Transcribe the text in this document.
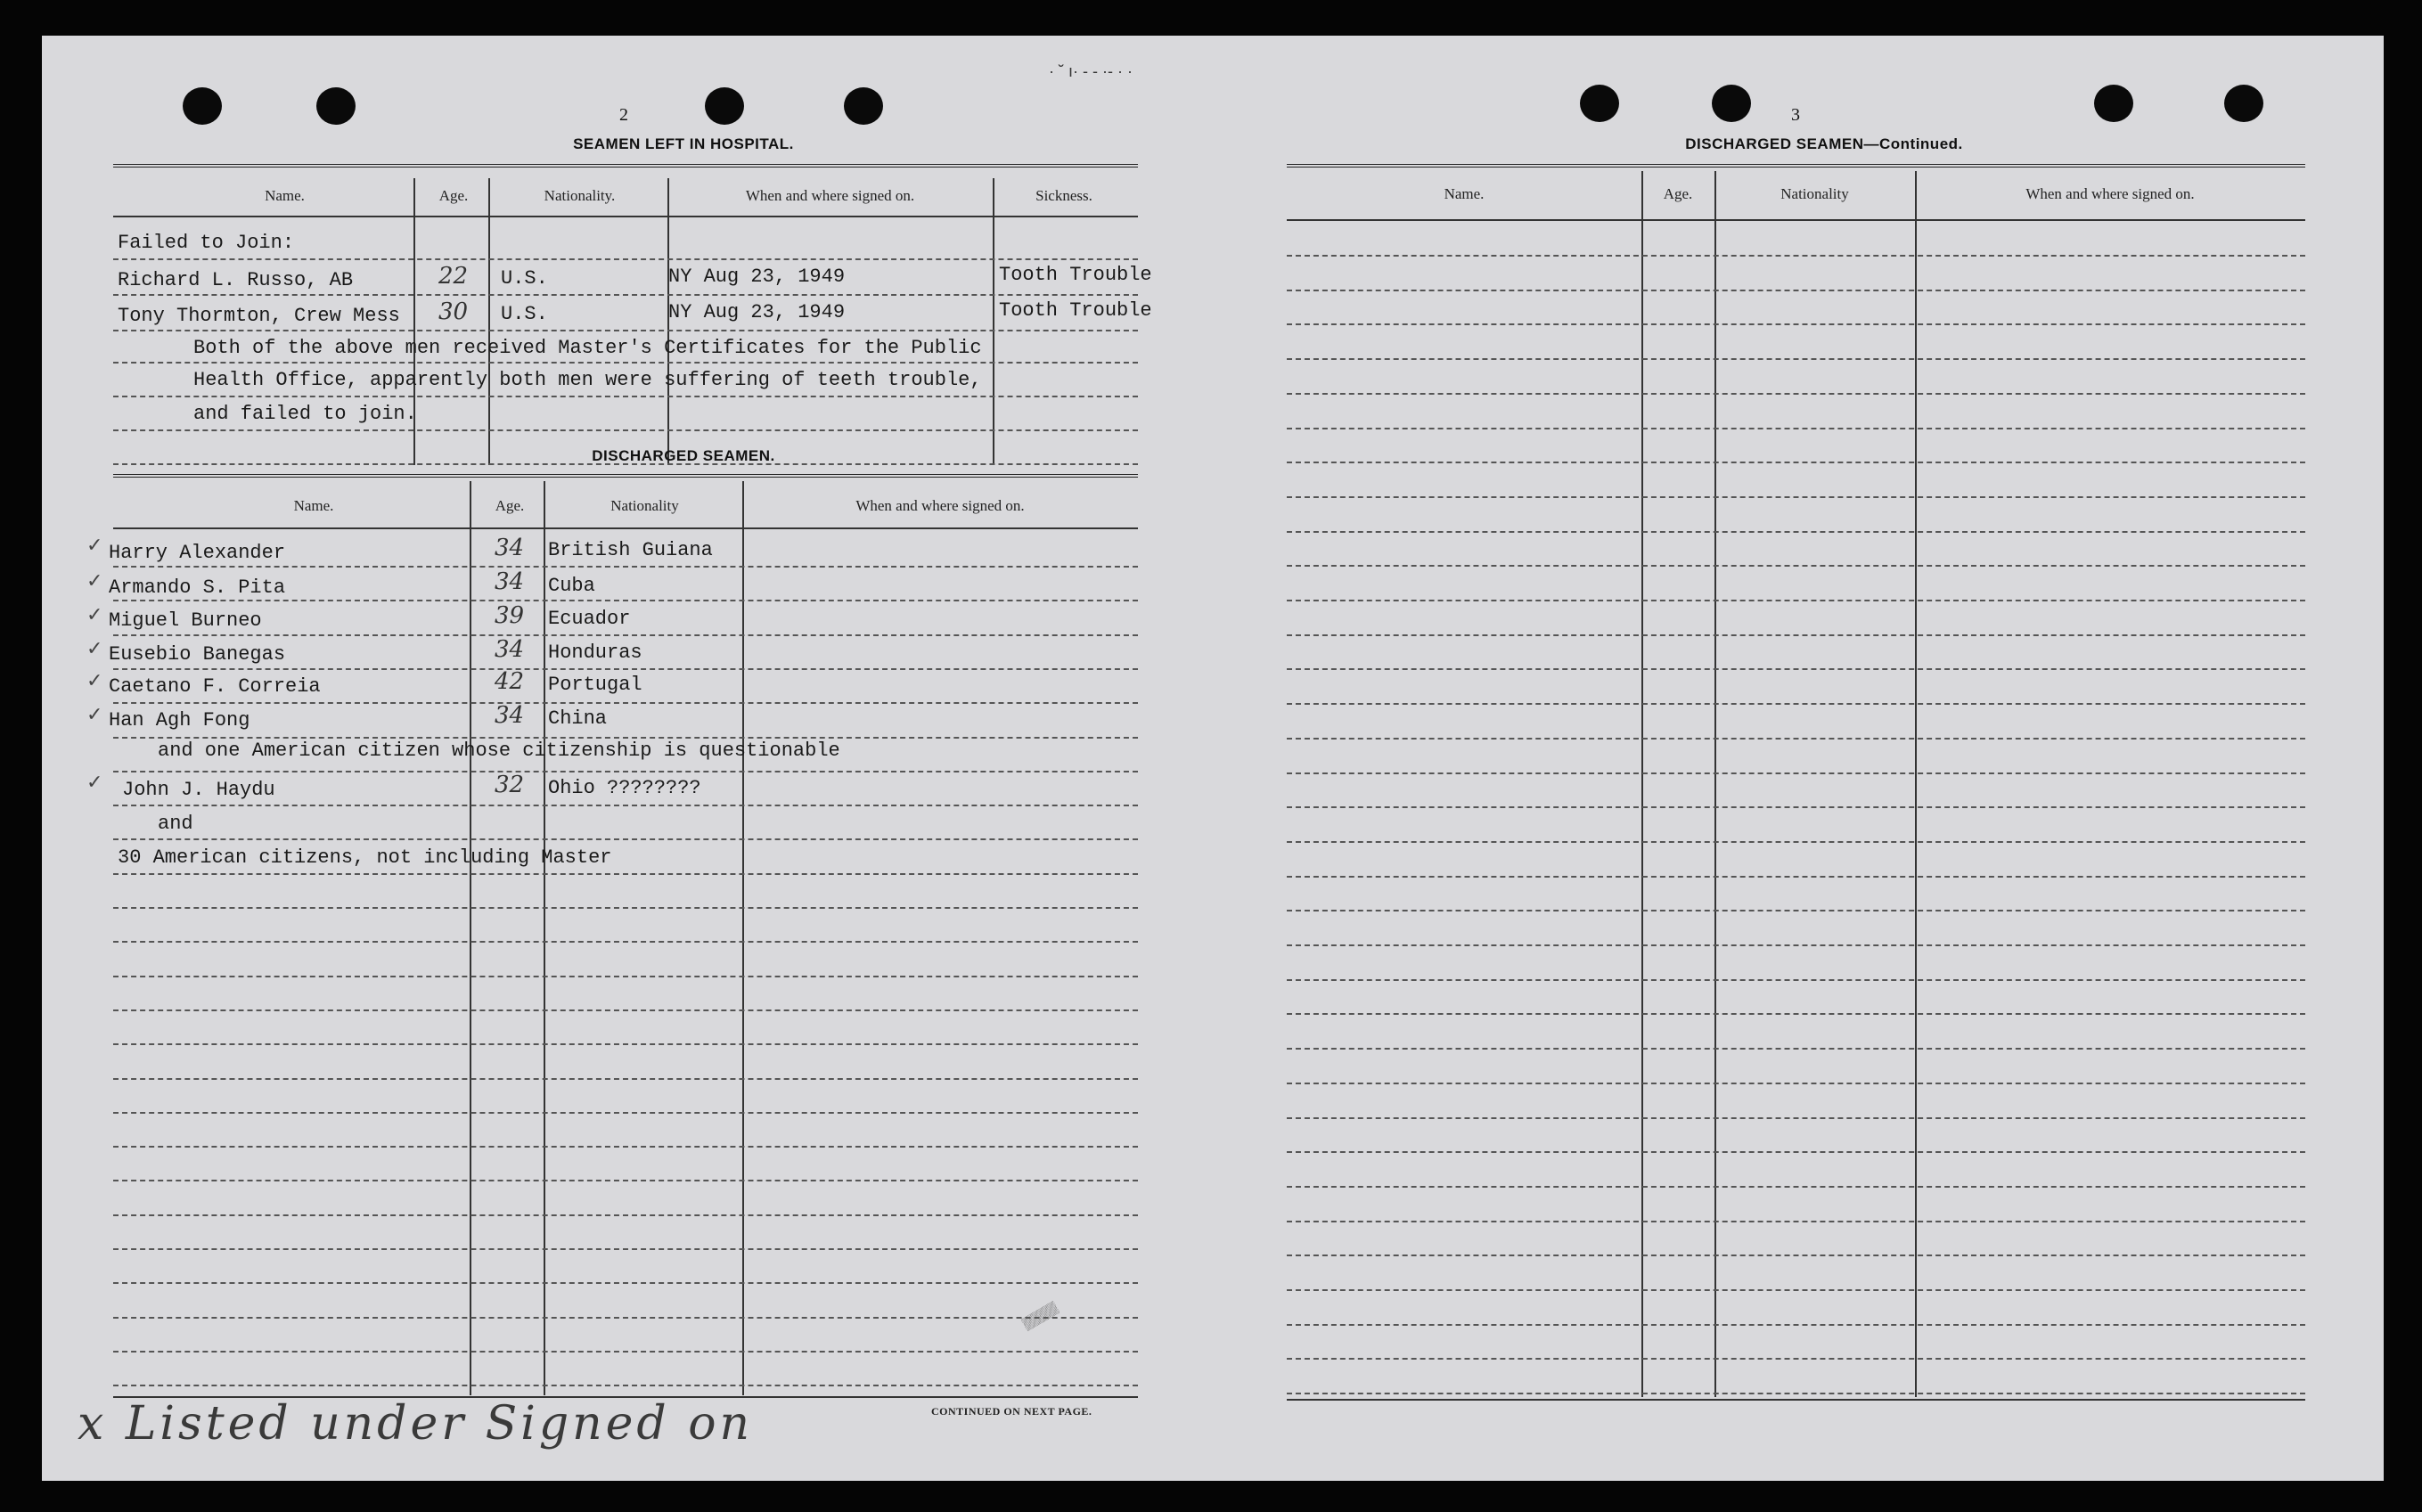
· ˘ ı· - - ·- · ·
2
SEAMEN LEFT IN HOSPITAL.
Name.	Age.	Nationality.	When and where signed on.	Sickness.
Failed to Join:
Richard L. Russo, AB	22 U.S.	NY Aug 23, 1949	Tooth Trouble
Tony Thormton, Crew Mess	30 U.S.	NY Aug 23, 1949	Tooth Trouble
Both of the above men received Master's Certificates for the Public
Health Office, apparently both men were suffering of teeth trouble,
and failed to join.
DISCHARGED SEAMEN.
Name.	Age.	Nationality	When and where signed on.
✓ Harry Alexander	34 British Guiana
✓ Armando S. Pita	34 Cuba
✓ Miguel Burneo	39 Ecuador
✓ Eusebio Banegas	34 Honduras
✓ Caetano F. Correia	42 Portugal
✓ Han Agh Fong	34 China
and one American citizen whose citizenship is questionable
✓ John J. Haydu	32 Ohio ????????
and
30 American citizens, not including Master
CONTINUED ON NEXT PAGE.
▒▒▒▒▒
x Listed under Signed on
3
DISCHARGED SEAMEN—Continued.
Name.	Age.	Nationality	When and where signed on.
